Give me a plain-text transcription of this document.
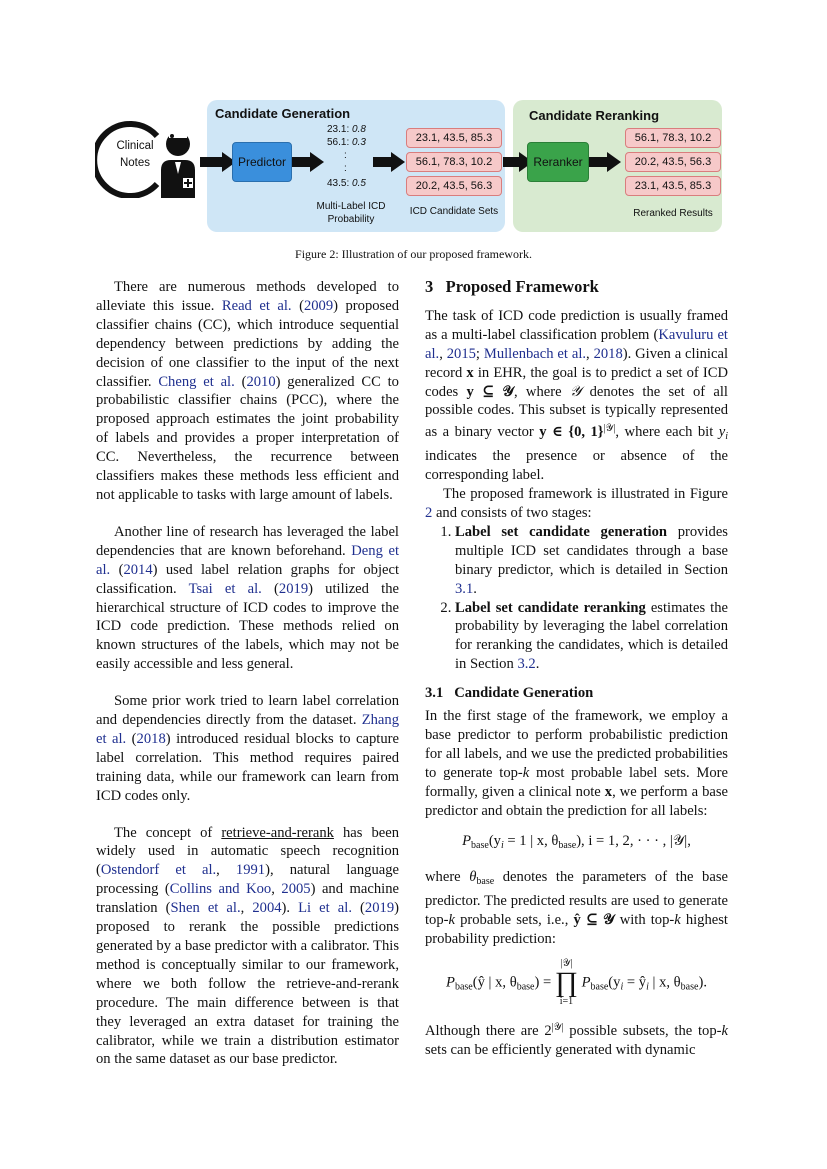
Candidate Generation	Candidate Reranking
Clinical Notes	Predictor
23.1: 0.8
56.1: 0.3
:
:
43.5: 0.5
Multi-Label ICD Probability
23.1, 43.5, 85.3
56.1, 78.3, 10.2
20.2, 43.5, 56.3
ICD Candidate Sets
Reranker
56.1, 78.3, 10.2
20.2, 43.5, 56.3
23.1, 43.5, 85.3
Reranked Results
Figure 2: Illustration of our proposed framework.

There are numerous methods developed to alleviate this issue. Read et al. (2009) proposed classifier chains (CC), which introduce sequential dependency between predictions by adding the decision of one classifier to the input of the next classifier. Cheng et al. (2010) generalized CC to probabilistic classifier chains (PCC), where the proposed approach estimates the joint probability of labels and provides a proper interpretation of CC. Nevertheless, the recurrence between classifiers makes these methods less efficient and not applicable to tasks with large amount of labels.

Another line of research has leveraged the label dependencies that are known beforehand. Deng et al. (2014) used label relation graphs for object classification. Tsai et al. (2019) utilized the hierarchical structure of ICD codes to improve the ICD code prediction. These methods relied on known structures of the labels, which may not be easily accessible and less general.

Some prior work tried to learn label correlation and dependencies directly from the dataset. Zhang et al. (2018) introduced residual blocks to capture label correlation. This method requires paired training data, while our framework can learn from ICD codes only.

The concept of retrieve-and-rerank has been widely used in automatic speech recognition (Ostendorf et al., 1991), natural language processing (Collins and Koo, 2005) and machine translation (Shen et al., 2004). Li et al. (2019) proposed to rerank the possible predictions generated by a base predictor with a calibrator. This method is conceptually similar to our framework, where we both follow the retrieve-and-rerank procedure. The main difference between is that they leveraged an extra dataset for training the calibrator, while we train a distribution estimator on the same dataset as our base predictor.

3 Proposed Framework

The task of ICD code prediction is usually framed as a multi-label classification problem (Kavuluru et al., 2015; Mullenbach et al., 2018). Given a clinical record x in EHR, the goal is to predict a set of ICD codes y ⊆ 𝒴, where 𝒴 denotes the set of all possible codes. This subset is typically represented as a binary vector y ∈ {0, 1}$^{|𝒴|}$, where each bit $y_i$ indicates the presence or absence of the corresponding label.

The proposed framework is illustrated in Figure 2 and consists of two stages:

1. Label set candidate generation provides multiple ICD set candidates through a base binary predictor, which is detailed in Section 3.1.
2. Label set candidate reranking estimates the probability by leveraging the label correlation for reranking the candidates, which is detailed in Section 3.2.
3.1 Candidate Generation

In the first stage of the framework, we employ a base predictor to perform probabilistic prediction for all labels, and we use the predicted probabilities to generate top-k most probable label sets. More formally, given a clinical note x, we perform a base predictor and obtain the prediction for all labels:

$P_{base}(y_i = 1$ | x, $\theta_{base}$), i = 1, 2, · · · , |𝒴|,

where $\theta_{base}$ denotes the parameters of the base predictor. The predicted results are used to generate top-k probable sets, i.e., ŷ ⊆ 𝒴 with top-k highest probability prediction:

$P_{base}(ŷ$ | x, $\theta_{base}$) =
|𝒴|
∏
i=1
$P_{base}(y_i$ = $ŷ_i$ | x, $\theta_{base}$).

Although there are $2^{|𝒴|}$ possible subsets, the top-k sets can be efficiently generated with dynamic
